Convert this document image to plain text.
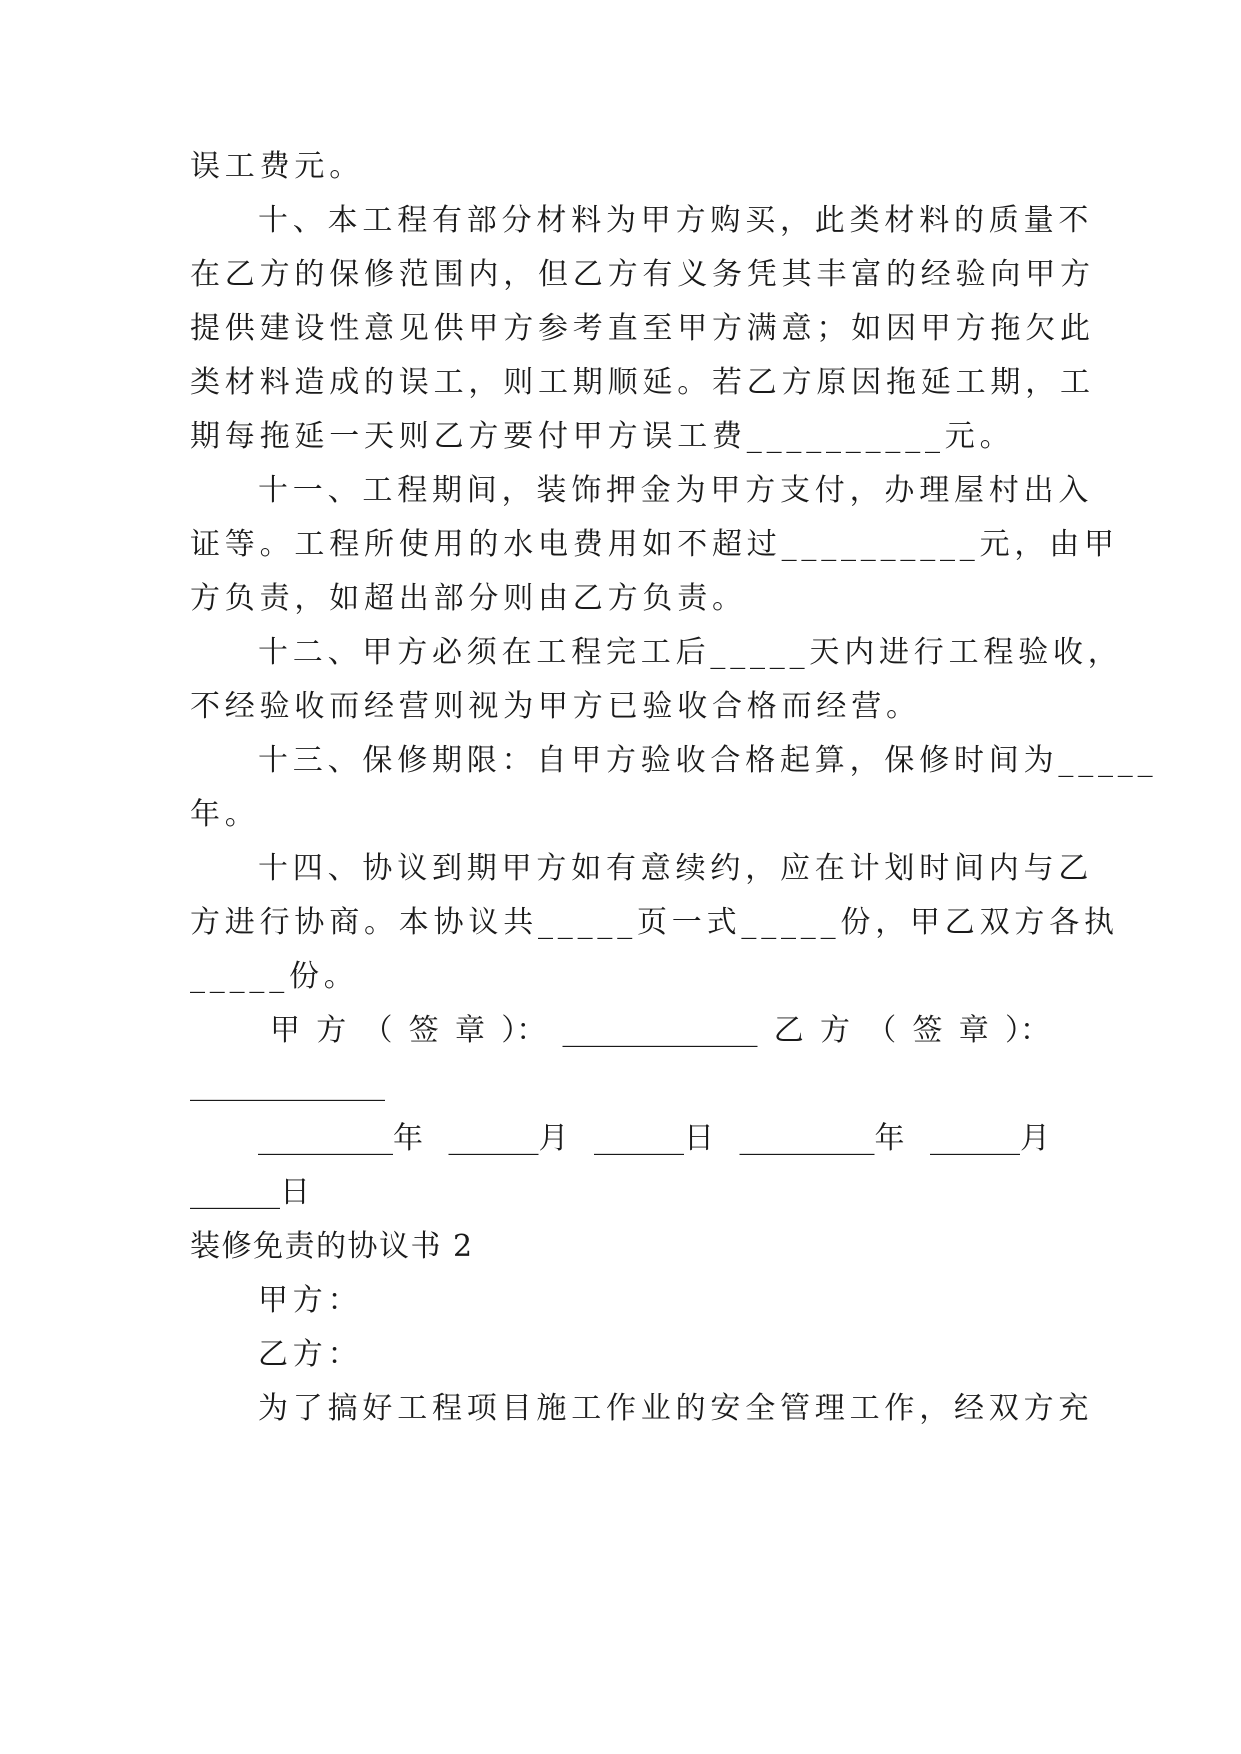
误工费元。
十、本工程有部分材料为甲方购买，此类材料的质量不
在乙方的保修范围内，但乙方有义务凭其丰富的经验向甲方
提供建设性意见供甲方参考直至甲方满意；如因甲方拖欠此
类材料造成的误工，则工期顺延。若乙方原因拖延工期，工
期每拖延一天则乙方要付甲方误工费__________元。
十一、工程期间，装饰押金为甲方支付，办理屋村出入
证等。工程所使用的水电费用如不超过__________元，由甲
方负责，如超出部分则由乙方负责。
十二、甲方必须在工程完工后_____天内进行工程验收，
不经验收而经营则视为甲方已验收合格而经营。
十三、保修期限：自甲方验收合格起算，保修时间为_____
年。
十四、协议到期甲方如有意续约，应在计划时间内与乙
方进行协商。本协议共_____页一式_____份，甲乙双方各执
_____份。
甲 方 （ 签 章 ）： _____________ 乙 方 （ 签 章 ）：
_____________
_________年 ______月 ______日 _________年 ______月
______日
装修免责的协议书 2
甲方：
乙方：
为了搞好工程项目施工作业的安全管理工作，经双方充
